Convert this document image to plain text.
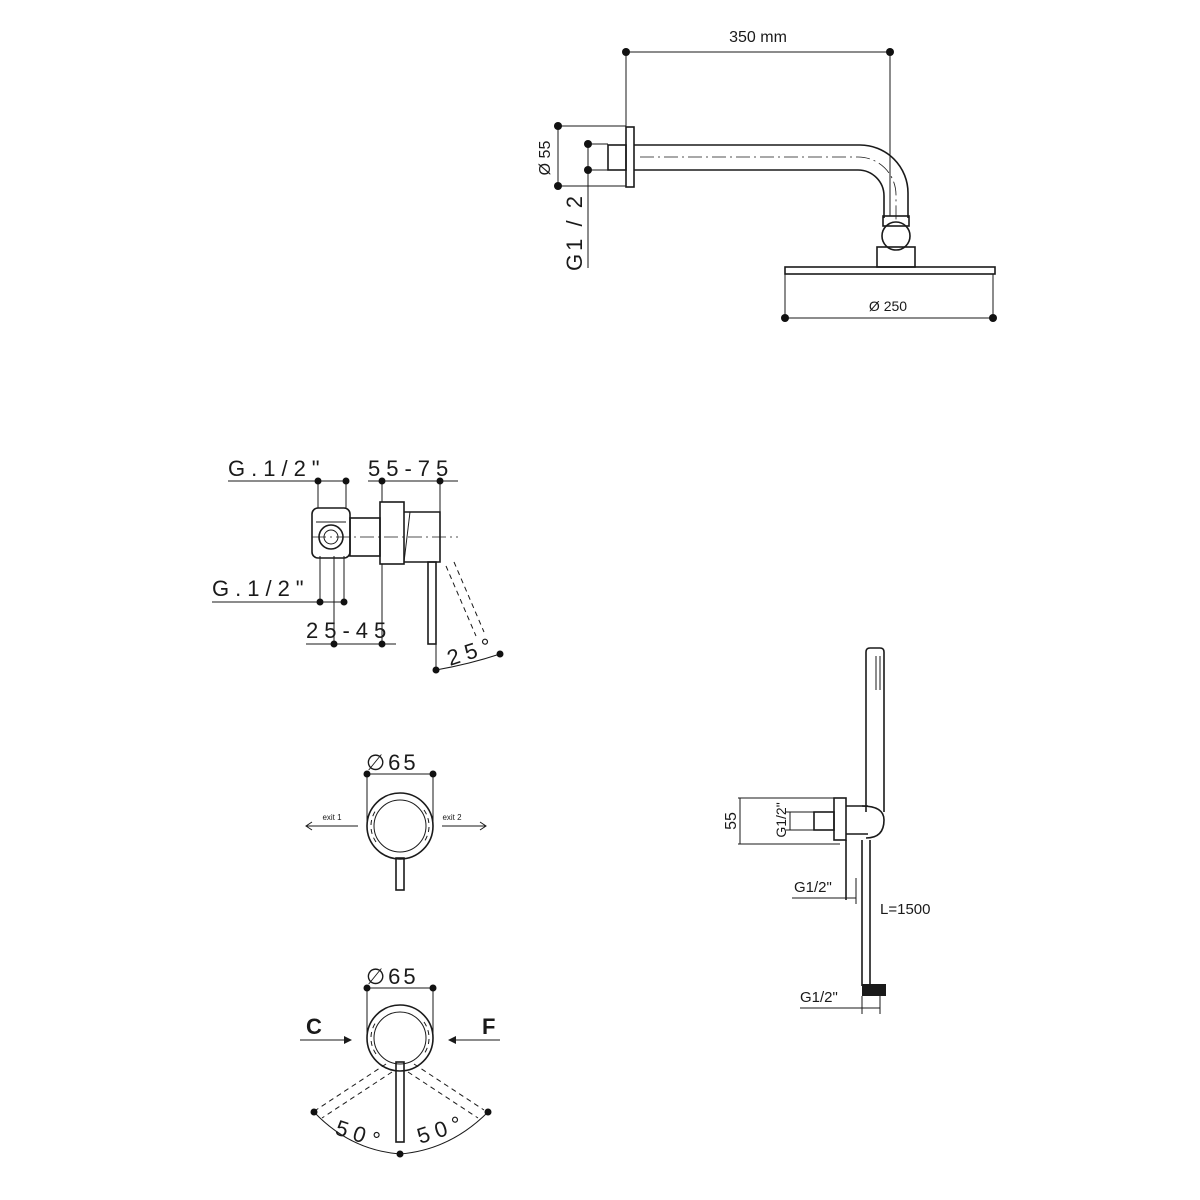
350 mm
Ø 55
G1 / 2
Ø 250
G.1/2" 55-75
G.1/2"
25-45
25°
exit 1	exit 2
∅65
∅65
C	F
50° 50°
55 G1/2"
G1/2"
L=1500
G1/2"
